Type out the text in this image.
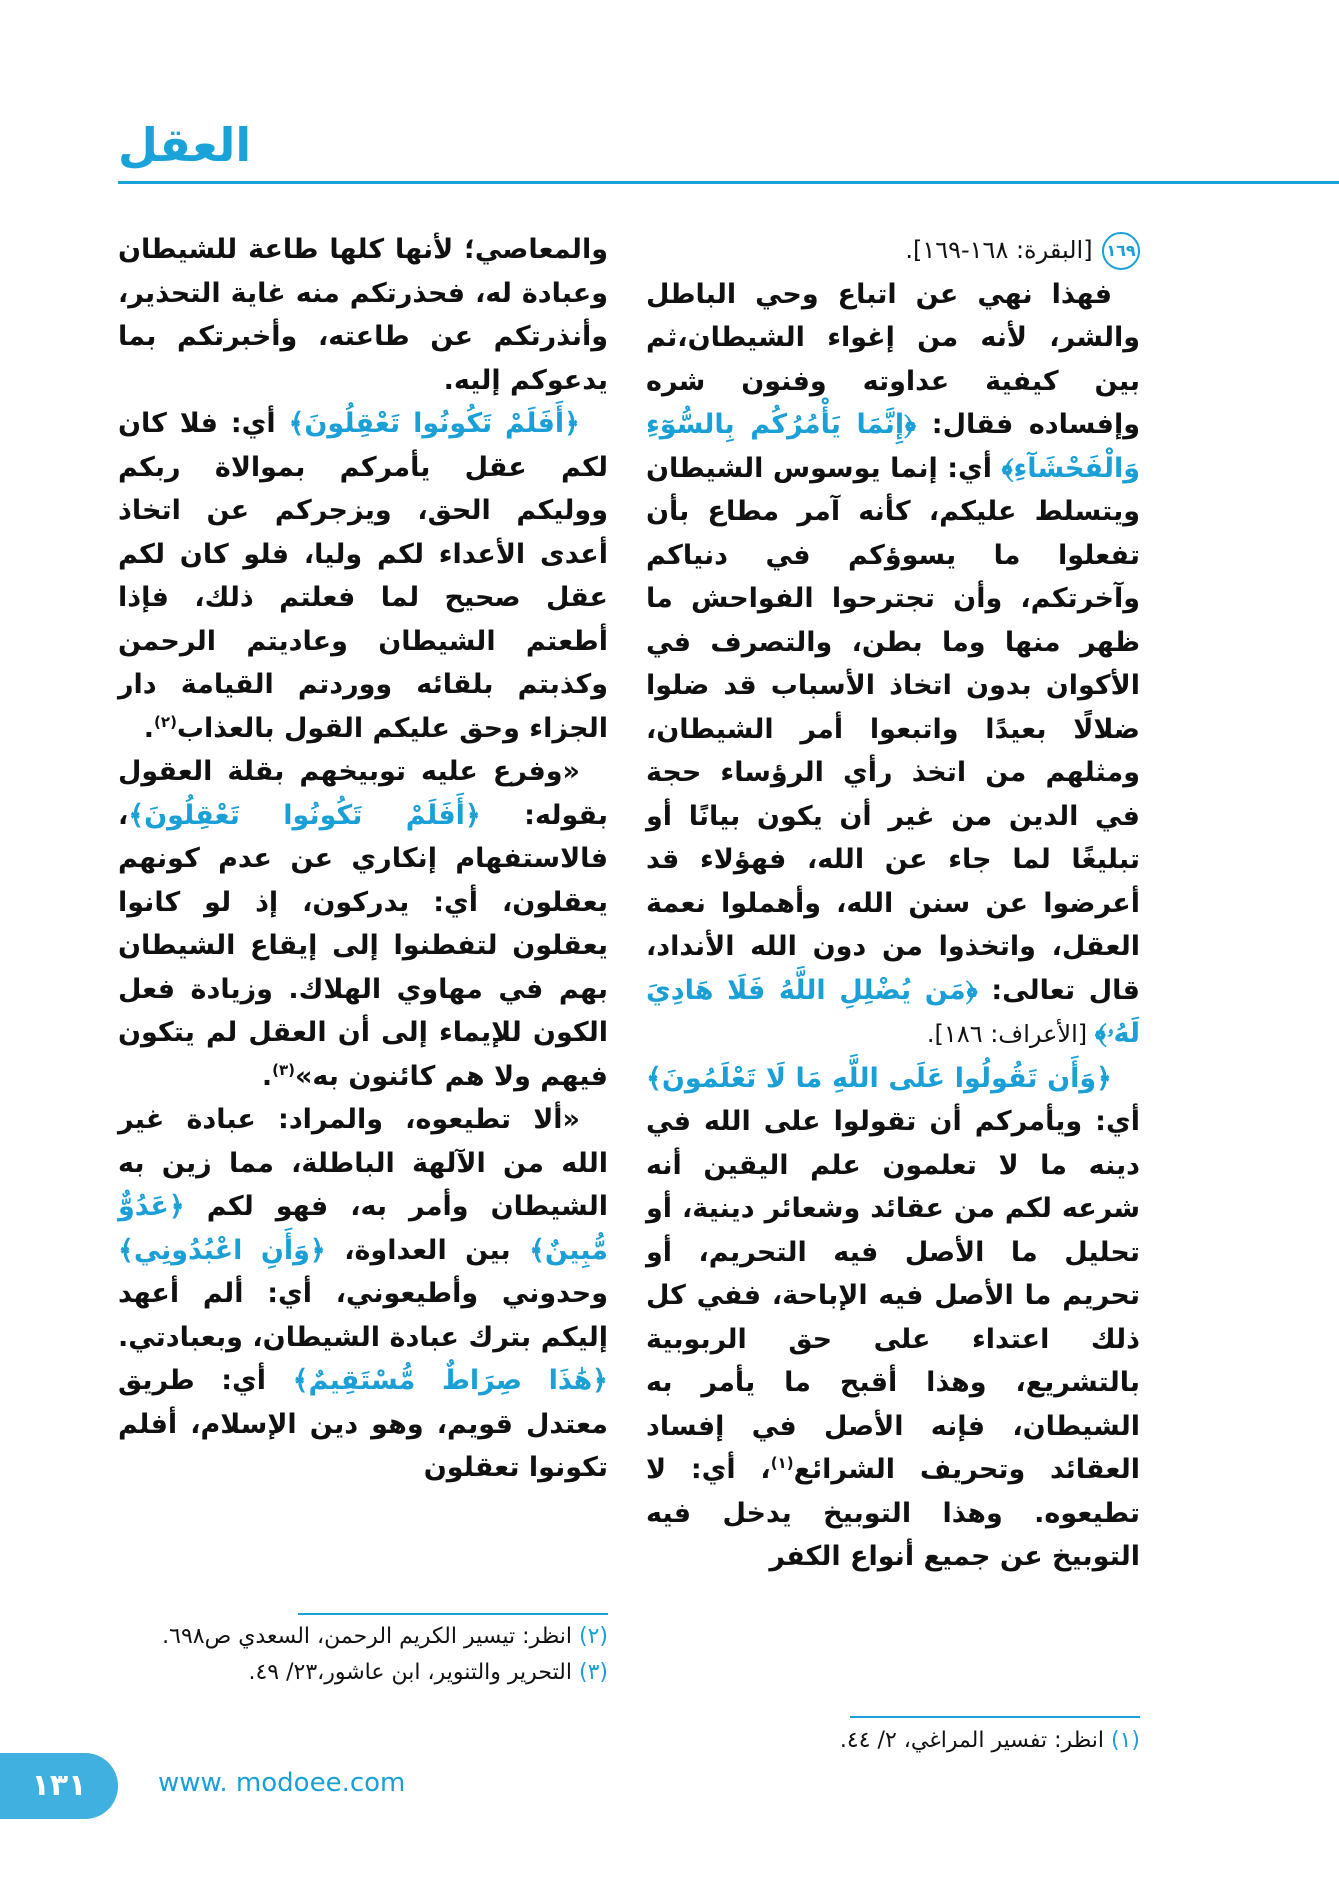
العقل

١٦٩ [البقرة: ١٦٨-١٦٩].

فهذا نهي عن اتباع وحي الباطل والشر، لأنه من إغواء الشيطان،ثم بين كيفية عداوته وفنون شره وإفساده فقال: ﴿إِنَّمَا يَأْمُرُكُم بِالسُّوٓءِ وَالْفَحْشَآءِ﴾ أي: إنما يوسوس الشيطان ويتسلط عليكم، كأنه آمر مطاع بأن تفعلوا ما يسوؤكم في دنياكم وآخرتكم، وأن تجترحوا الفواحش ما ظهر منها وما بطن، والتصرف في الأكوان بدون اتخاذ الأسباب قد ضلوا ضلالًا بعيدًا واتبعوا أمر الشيطان، ومثلهم من اتخذ رأي الرؤساء حجة في الدين من غير أن يكون بيانًا أو تبليغًا لما جاء عن الله، فهؤلاء قد أعرضوا عن سنن الله، وأهملوا نعمة العقل، واتخذوا من دون الله الأنداد، قال تعالى: ﴿مَن يُضْلِلِ اللَّهُ فَلَا هَادِيَ لَهُۥ﴾ [الأعراف: ١٨٦].

﴿وَأَن تَقُولُوا عَلَى اللَّهِ مَا لَا تَعْلَمُونَ﴾ أي: ويأمركم أن تقولوا على الله في دينه ما لا تعلمون علم اليقين أنه شرعه لكم من عقائد وشعائر دينية، أو تحليل ما الأصل فيه التحريم، أو تحريم ما الأصل فيه الإباحة، ففي كل ذلك اعتداء على حق الربوبية بالتشريع، وهذا أقبح ما يأمر به الشيطان، فإنه الأصل في إفساد العقائد وتحريف الشرائع$^{(١)}$، أي: لا تطيعوه. وهذا التوبيخ يدخل فيه التوبيخ عن جميع أنواع الكفر

والمعاصي؛ لأنها كلها طاعة للشيطان وعبادة له، فحذرتكم منه غاية التحذير، وأنذرتكم عن طاعته، وأخبرتكم بما يدعوكم إليه.

﴿أَفَلَمْ تَكُونُوا تَعْقِلُونَ﴾ أي: فلا كان لكم عقل يأمركم بموالاة ربكم ووليكم الحق، ويزجركم عن اتخاذ أعدى الأعداء لكم وليا، فلو كان لكم عقل صحيح لما فعلتم ذلك، فإذا أطعتم الشيطان وعاديتم الرحمن وكذبتم بلقائه ووردتم القيامة دار الجزاء وحق عليكم القول بالعذاب$^{(٢)}$.

«وفرع عليه توبيخهم بقلة العقول بقوله: ﴿أَفَلَمْ تَكُونُوا تَعْقِلُونَ﴾، فالاستفهام إنكاري عن عدم كونهم يعقلون، أي: يدركون، إذ لو كانوا يعقلون لتفطنوا إلى إيقاع الشيطان بهم في مهاوي الهلاك. وزيادة فعل الكون للإيماء إلى أن العقل لم يتكون فيهم ولا هم كائنون به»$^{(٣)}$.

«ألا تطيعوه، والمراد: عبادة غير الله من الآلهة الباطلة، مما زين به الشيطان وأمر به، فهو لكم ﴿عَدُوٌّ مُّبِينٌ﴾ بين العداوة، ﴿وَأَنِ اعْبُدُونِي﴾ وحدوني وأطيعوني، أي: ألم أعهد إليكم بترك عبادة الشيطان، وبعبادتي. ﴿هَٰذَا صِرَاطٌ مُّسْتَقِيمٌ﴾ أي: طريق معتدل قويم، وهو دين الإسلام، أفلم تكونوا تعقلون

(١) انظر: تفسير المراغي، ٢/ ٤٤.
(٢) انظر: تيسير الكريم الرحمن، السعدي ص٦٩٨.
(٣) التحرير والتنوير، ابن عاشور،٢٣/ ٤٩.
١٣١	www. modoee.com
